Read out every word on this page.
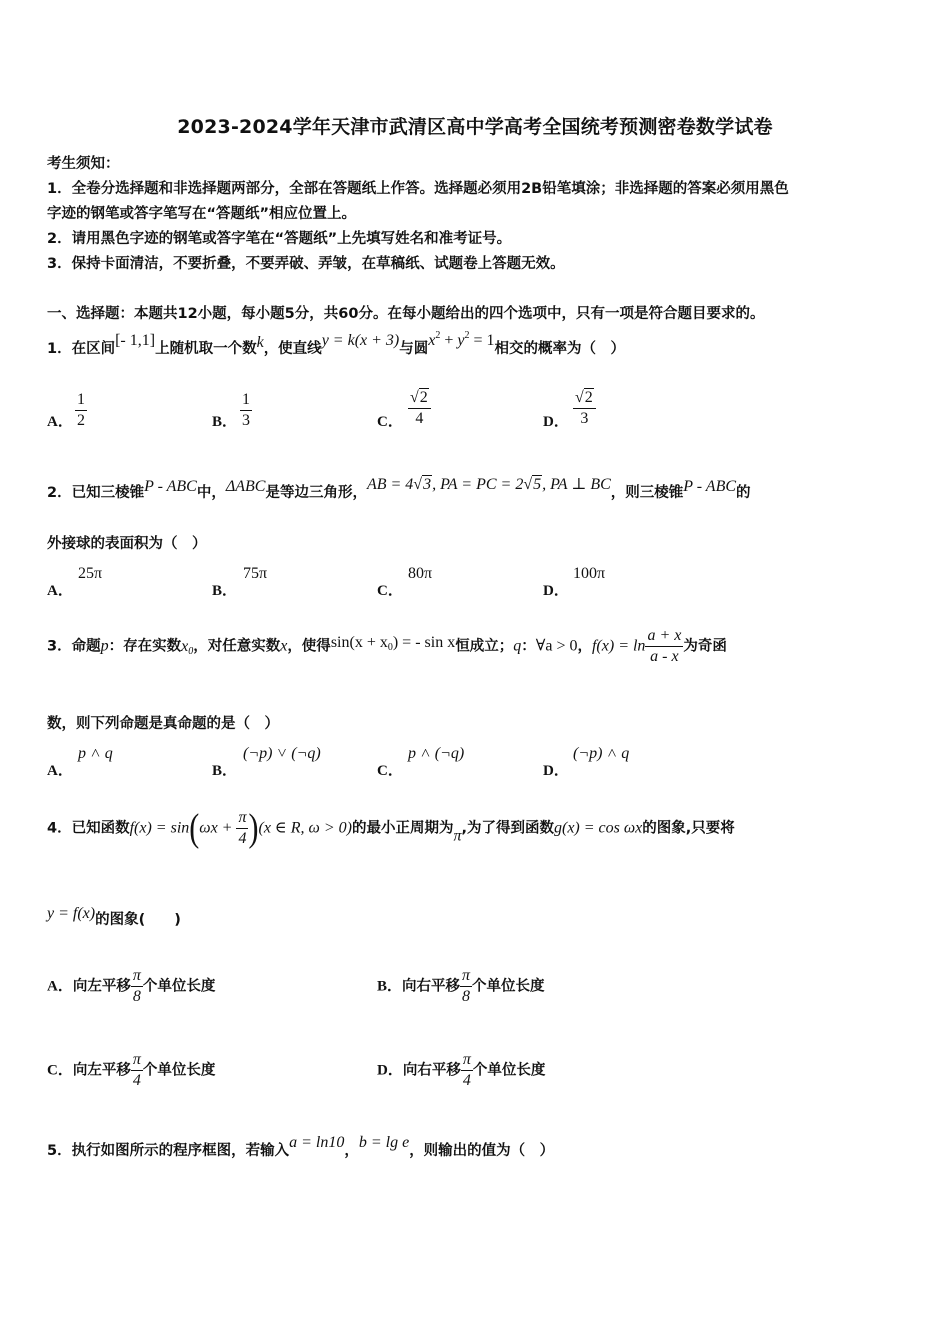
2023-2024学年天津市武清区高中学高考全国统考预测密卷数学试卷
考生须知：
1．全卷分选择题和非选择题两部分，全部在答题纸上作答。选择题必须用2B铅笔填涂；非选择题的答案必须用黑色
字迹的钢笔或答字笔写在“答题纸”相应位置上。
2．请用黑色字迹的钢笔或答字笔在“答题纸”上先填写姓名和准考证号。
3．保持卡面清洁，不要折叠，不要弄破、弄皱，在草稿纸、试题卷上答题无效。
一、选择题：本题共12小题，每小题5分，共60分。在每小题给出的四个选项中，只有一项是符合题目要求的。
1．在区间[- 1,1]上随机取一个数k，使直线y = k(x + 3)与圆$x^2 + y^2 = 1$相交的概率为（　）
A． $\frac{1}{2}$	B． $\frac{1}{3}$	C． $\frac{√2}{4}$	D． $\frac{√2}{3}$
2．已知三棱锥P - ABC中，ΔABC是等边三角形，AB = 4√3, PA = PC = 2√5, PA ⊥ BC，则三棱锥P - ABC的
外接球的表面积为（　）
A．
25π
B．
75π
C．
80π
D．
100π
3．命题p：存在实数$x_0$，对任意实数x，使得$\sin(x + x_0)$ = - sin x恒成立；q：∀a > 0，$f(x) = \ln \frac{a + x}{a - x}$ 为奇函
数，则下列命题是真命题的是（　）
A．
p ˄ q
B．
(¬p) ˅ (¬q)
C．
p ˄ (¬q)
D．
(¬p) ˄ q
4．已知函数$f(x) = \sin(\omega x + \frac{\pi}{4} )(x$ ∈ R, ω > 0)的最小正周期为π,为了得到函数g(x) = cos ωx的图象,只要将
y = f(x)的图象(　　)
A．向左平移 $\frac{\pi}{8}$ 个单位长度	B．向右平移 $\frac{\pi}{8}$ 个单位长度
C．向左平移 $\frac{\pi}{4}$ 个单位长度	D．向右平移 $\frac{\pi}{4}$ 个单位长度
5．执行如图所示的程序框图，若输入a = ln10，b = lg e，则输出的值为（　）
